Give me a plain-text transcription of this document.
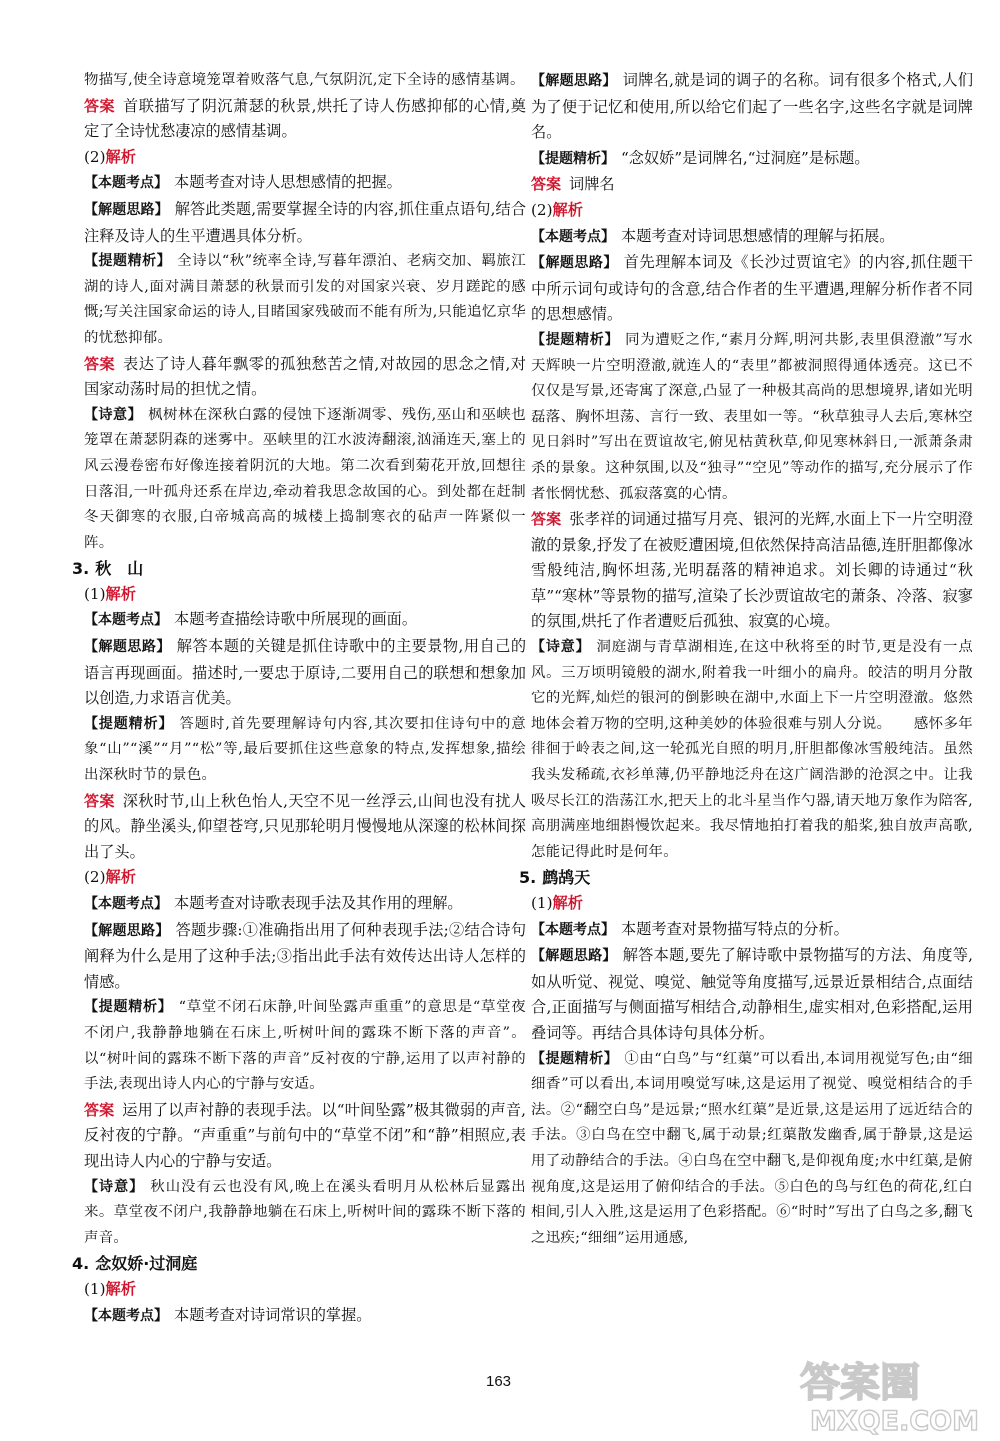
物描写,使全诗意境笼罩着败落气息,气氛阴沉,定下全诗的感情基调。

答案 首联描写了阴沉萧瑟的秋景,烘托了诗人伤感抑郁的心情,奠定了全诗忧愁凄凉的感情基调。

(2)解析

【本题考点】 本题考查对诗人思想感情的把握。

【解题思路】 解答此类题,需要掌握全诗的内容,抓住重点语句,结合注释及诗人的生平遭遇具体分析。

【提题精析】 全诗以“秋”统率全诗,写暮年漂泊、老病交加、羁旅江湖的诗人,面对满目萧瑟的秋景而引发的对国家兴衰、岁月蹉跎的感慨;写关注国家命运的诗人,目睹国家残破而不能有所为,只能追忆京华的忧愁抑郁。

答案 表达了诗人暮年飘零的孤独愁苦之情,对故园的思念之情,对国家动荡时局的担忧之情。

【诗意】 枫树林在深秋白露的侵蚀下逐渐凋零、残伤,巫山和巫峡也笼罩在萧瑟阴森的迷雾中。巫峡里的江水波涛翻滚,汹涌连天,塞上的风云漫卷密布好像连接着阴沉的大地。第二次看到菊花开放,回想往日落泪,一叶孤舟还系在岸边,牵动着我思念故国的心。到处都在赶制冬天御寒的衣服,白帝城高高的城楼上捣制寒衣的砧声一阵紧似一阵。

3. 秋　山

(1)解析

【本题考点】 本题考查描绘诗歌中所展现的画面。

【解题思路】 解答本题的关键是抓住诗歌中的主要景物,用自己的语言再现画面。描述时,一要忠于原诗,二要用自己的联想和想象加以创造,力求语言优美。

【提题精析】 答题时,首先要理解诗句内容,其次要扣住诗句中的意象“山”“溪”“月”“松”等,最后要抓住这些意象的特点,发挥想象,描绘出深秋时节的景色。

答案 深秋时节,山上秋色怡人,天空不见一丝浮云,山间也没有扰人的风。静坐溪头,仰望苍穹,只见那轮明月慢慢地从深邃的松林间探出了头。

(2)解析

【本题考点】 本题考查对诗歌表现手法及其作用的理解。

【解题思路】 答题步骤:①准确指出用了何种表现手法;②结合诗句阐释为什么是用了这种手法;③指出此手法有效传达出诗人怎样的情感。

【提题精析】 “草堂不闭石床静,叶间坠露声重重”的意思是“草堂夜不闭户,我静静地躺在石床上,听树叶间的露珠不断下落的声音”。以“树叶间的露珠不断下落的声音”反衬夜的宁静,运用了以声衬静的手法,表现出诗人内心的宁静与安适。

答案 运用了以声衬静的表现手法。以“叶间坠露”极其微弱的声音,反衬夜的宁静。“声重重”与前句中的“草堂不闭”和“静”相照应,表现出诗人内心的宁静与安适。

【诗意】 秋山没有云也没有风,晚上在溪头看明月从松林后显露出来。草堂夜不闭户,我静静地躺在石床上,听树叶间的露珠不断下落的声音。

4. 念奴娇·过洞庭

(1)解析

【本题考点】 本题考查对诗词常识的掌握。

【解题思路】 词牌名,就是词的调子的名称。词有很多个格式,人们为了便于记忆和使用,所以给它们起了一些名字,这些名字就是词牌名。

【提题精析】 “念奴娇”是词牌名,“过洞庭”是标题。

答案 词牌名

(2)解析

【本题考点】 本题考查对诗词思想感情的理解与拓展。

【解题思路】 首先理解本词及《长沙过贾谊宅》的内容,抓住题干中所示词句或诗句的含意,结合作者的生平遭遇,理解分析作者不同的思想感情。

【提题精析】 同为遭贬之作,“素月分辉,明河共影,表里俱澄澈”写水天辉映一片空明澄澈,就连人的“表里”都被洞照得通体透亮。这已不仅仅是写景,还寄寓了深意,凸显了一种极其高尚的思想境界,诸如光明磊落、胸怀坦荡、言行一致、表里如一等。“秋草独寻人去后,寒林空见日斜时”写出在贾谊故宅,俯见枯黄秋草,仰见寒林斜日,一派萧条肃杀的景象。这种氛围,以及“独寻”“空见”等动作的描写,充分展示了作者怅惘忧愁、孤寂落寞的心情。

答案 张孝祥的词通过描写月亮、银河的光辉,水面上下一片空明澄澈的景象,抒发了在被贬遭困境,但依然保持高洁品德,连肝胆都像冰雪般纯洁,胸怀坦荡,光明磊落的精神追求。刘长卿的诗通过“秋草”“寒林”等景物的描写,渲染了长沙贾谊故宅的萧条、冷落、寂寥的氛围,烘托了作者遭贬后孤独、寂寞的心境。

【诗意】 洞庭湖与青草湖相连,在这中秋将至的时节,更是没有一点风。三万顷明镜般的湖水,附着我一叶细小的扁舟。皎洁的明月分散它的光辉,灿烂的银河的倒影映在湖中,水面上下一片空明澄澈。悠然地体会着万物的空明,这种美妙的体验很难与别人分说。　　感怀多年徘徊于岭表之间,这一轮孤光自照的明月,肝胆都像冰雪般纯洁。虽然我头发稀疏,衣衫单薄,仍平静地泛舟在这广阔浩渺的沧溟之中。让我吸尽长江的浩荡江水,把天上的北斗星当作勺器,请天地万象作为陪客,高朋满座地细斟慢饮起来。我尽情地拍打着我的船桨,独自放声高歌,怎能记得此时是何年。

5. 鹧鸪天

(1)解析

【本题考点】 本题考查对景物描写特点的分析。

【解题思路】 解答本题,要先了解诗歌中景物描写的方法、角度等,如从听觉、视觉、嗅觉、触觉等角度描写,远景近景相结合,点面结合,正面描写与侧面描写相结合,动静相生,虚实相对,色彩搭配,运用叠词等。再结合具体诗句具体分析。

【提题精析】 ①由“白鸟”与“红蕖”可以看出,本词用视觉写色;由“细细香”可以看出,本词用嗅觉写味,这是运用了视觉、嗅觉相结合的手法。②“翻空白鸟”是远景;“照水红蕖”是近景,这是运用了远近结合的手法。③白鸟在空中翻飞,属于动景;红蕖散发幽香,属于静景,这是运用了动静结合的手法。④白鸟在空中翻飞,是仰视角度;水中红蕖,是俯视角度,这是运用了俯仰结合的手法。⑤白色的鸟与红色的荷花,红白相间,引人入胜,这是运用了色彩搭配。⑥“时时”写出了白鸟之多,翻飞之迅疾;“细细”运用通感,

163	答案圈
MXQE.COM
